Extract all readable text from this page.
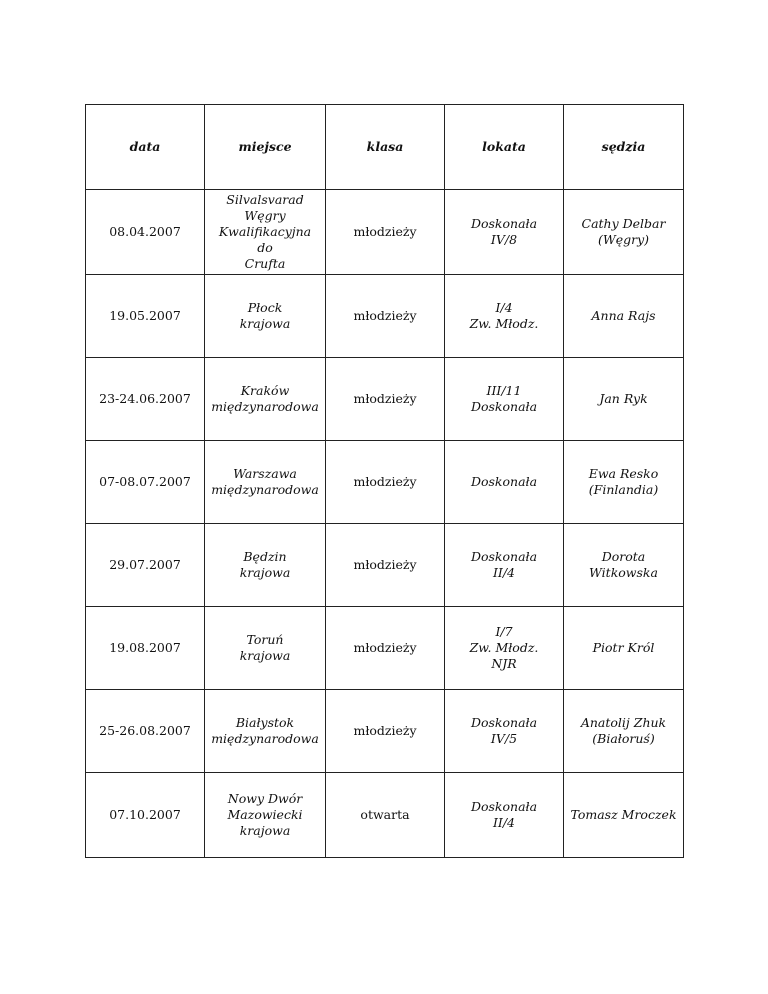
data	miejsce	klasa	lokata	sędzia

08.04.2007	Silvalsvarad
Węgry
Kwalifikacyjna do
Crufta	młodzieży	Doskonała
IV/8	Cathy Delbar
(Węgry)

19.05.2007	Płock
krajowa	młodzieży	I/4
Zw. Młodz.	Anna Rajs

23-24.06.2007	Kraków
międzynarodowa	młodzieży	III/11
Doskonała	Jan Ryk

07-08.07.2007	Warszawa
międzynarodowa	młodzieży	Doskonała	Ewa Resko
(Finlandia)

29.07.2007	Będzin
krajowa	młodzieży	Doskonała
II/4	Dorota
Witkowska

19.08.2007	Toruń
krajowa	młodzieży	I/7
Zw. Młodz.
NJR	Piotr Król

25-26.08.2007	Białystok
międzynarodowa	młodzieży	Doskonała
IV/5	Anatolij Zhuk
(Białoruś)

07.10.2007	Nowy Dwór
Mazowiecki
krajowa	otwarta	Doskonała
II/4	Tomasz Mroczek
